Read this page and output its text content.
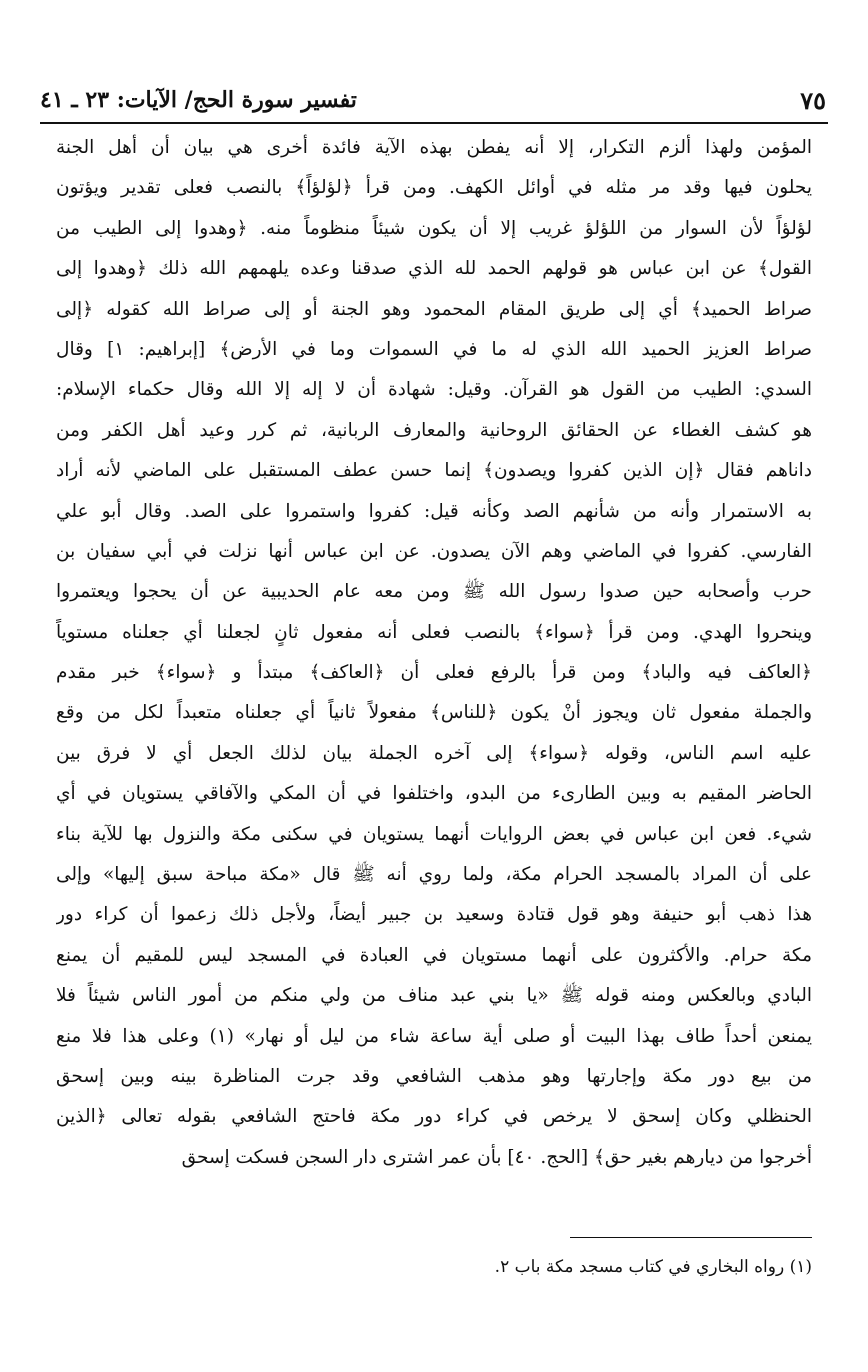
تفسير سورة الحج/ الآيات: ٢٣ ـ ٤١	٧٥
المؤمن ولهذا ألزم التكرار، إلا أنه يفطن بهذه الآية فائدة أخرى هي بيان أن أهل الجنة
يحلون فيها وقد مر مثله في أوائل الكهف. ومن قرأ ﴿لؤلؤاً﴾ بالنصب فعلى تقدير ويؤتون
لؤلؤاً لأن السوار من اللؤلؤ غريب إلا أن يكون شيئاً منظوماً منه. ﴿وهدوا إلى الطيب من
القول﴾ عن ابن عباس هو قولهم الحمد لله الذي صدقنا وعده يلهمهم الله ذلك ﴿وهدوا إلى
صراط الحميد﴾ أي إلى طريق المقام المحمود وهو الجنة أو إلى صراط الله كقوله ﴿إلى
صراط العزيز الحميد الله الذي له ما في السموات وما في الأرض﴾ [إبراهيم: ١] وقال
السدي: الطيب من القول هو القرآن. وقيل: شهادة أن لا إله إلا الله وقال حكماء الإسلام:
هو كشف الغطاء عن الحقائق الروحانية والمعارف الربانية، ثم كرر وعيد أهل الكفر ومن
داناهم فقال ﴿إن الذين كفروا ويصدون﴾ إنما حسن عطف المستقبل على الماضي لأنه أراد
به الاستمرار وأنه من شأنهم الصد وكأنه قيل: كفروا واستمروا على الصد. وقال أبو علي
الفارسي. كفروا في الماضي وهم الآن يصدون. عن ابن عباس أنها نزلت في أبي سفيان بن
حرب وأصحابه حين صدوا رسول الله ﷺ ومن معه عام الحديبية عن أن يحجوا ويعتمروا
وينحروا الهدي. ومن قرأ ﴿سواء﴾ بالنصب فعلى أنه مفعول ثانٍ لجعلنا أي جعلناه مستوياً
﴿العاكف فيه والباد﴾ ومن قرأ بالرفع فعلى أن ﴿العاكف﴾ مبتدأ و ﴿سواء﴾ خبر مقدم
والجملة مفعول ثان ويجوز أنْ يكون ﴿للناس﴾ مفعولاً ثانياً أي جعلناه متعبداً لكل من وقع
عليه اسم الناس، وقوله ﴿سواء﴾ إلى آخره الجملة بيان لذلك الجعل أي لا فرق بين
الحاضر المقيم به وبين الطارىء من البدو، واختلفوا في أن المكي والآفاقي يستويان في أي
شيء. فعن ابن عباس في بعض الروايات أنهما يستويان في سكنى مكة والنزول بها للآية بناء
على أن المراد بالمسجد الحرام مكة، ولما روي أنه ﷺ قال «مكة مباحة سبق إليها» وإلى
هذا ذهب أبو حنيفة وهو قول قتادة وسعيد بن جبير أيضاً، ولأجل ذلك زعموا أن كراء دور
مكة حرام. والأكثرون على أنهما مستويان في العبادة في المسجد ليس للمقيم أن يمنع
البادي وبالعكس ومنه قوله ﷺ «يا بني عبد مناف من ولي منكم من أمور الناس شيئاً فلا
يمنعن أحداً طاف بهذا البيت أو صلى أية ساعة شاء من ليل أو نهار» (١) وعلى هذا فلا منع
من بيع دور مكة وإجارتها وهو مذهب الشافعي وقد جرت المناظرة بينه وبين إسحق
الحنظلي وكان إسحق لا يرخص في كراء دور مكة فاحتج الشافعي بقوله تعالى ﴿الذين
أخرجوا من ديارهم بغير حق﴾ [الحج. ٤٠] بأن عمر اشترى دار السجن فسكت إسحق
(١) رواه البخاري في كتاب مسجد مكة باب ٢.
